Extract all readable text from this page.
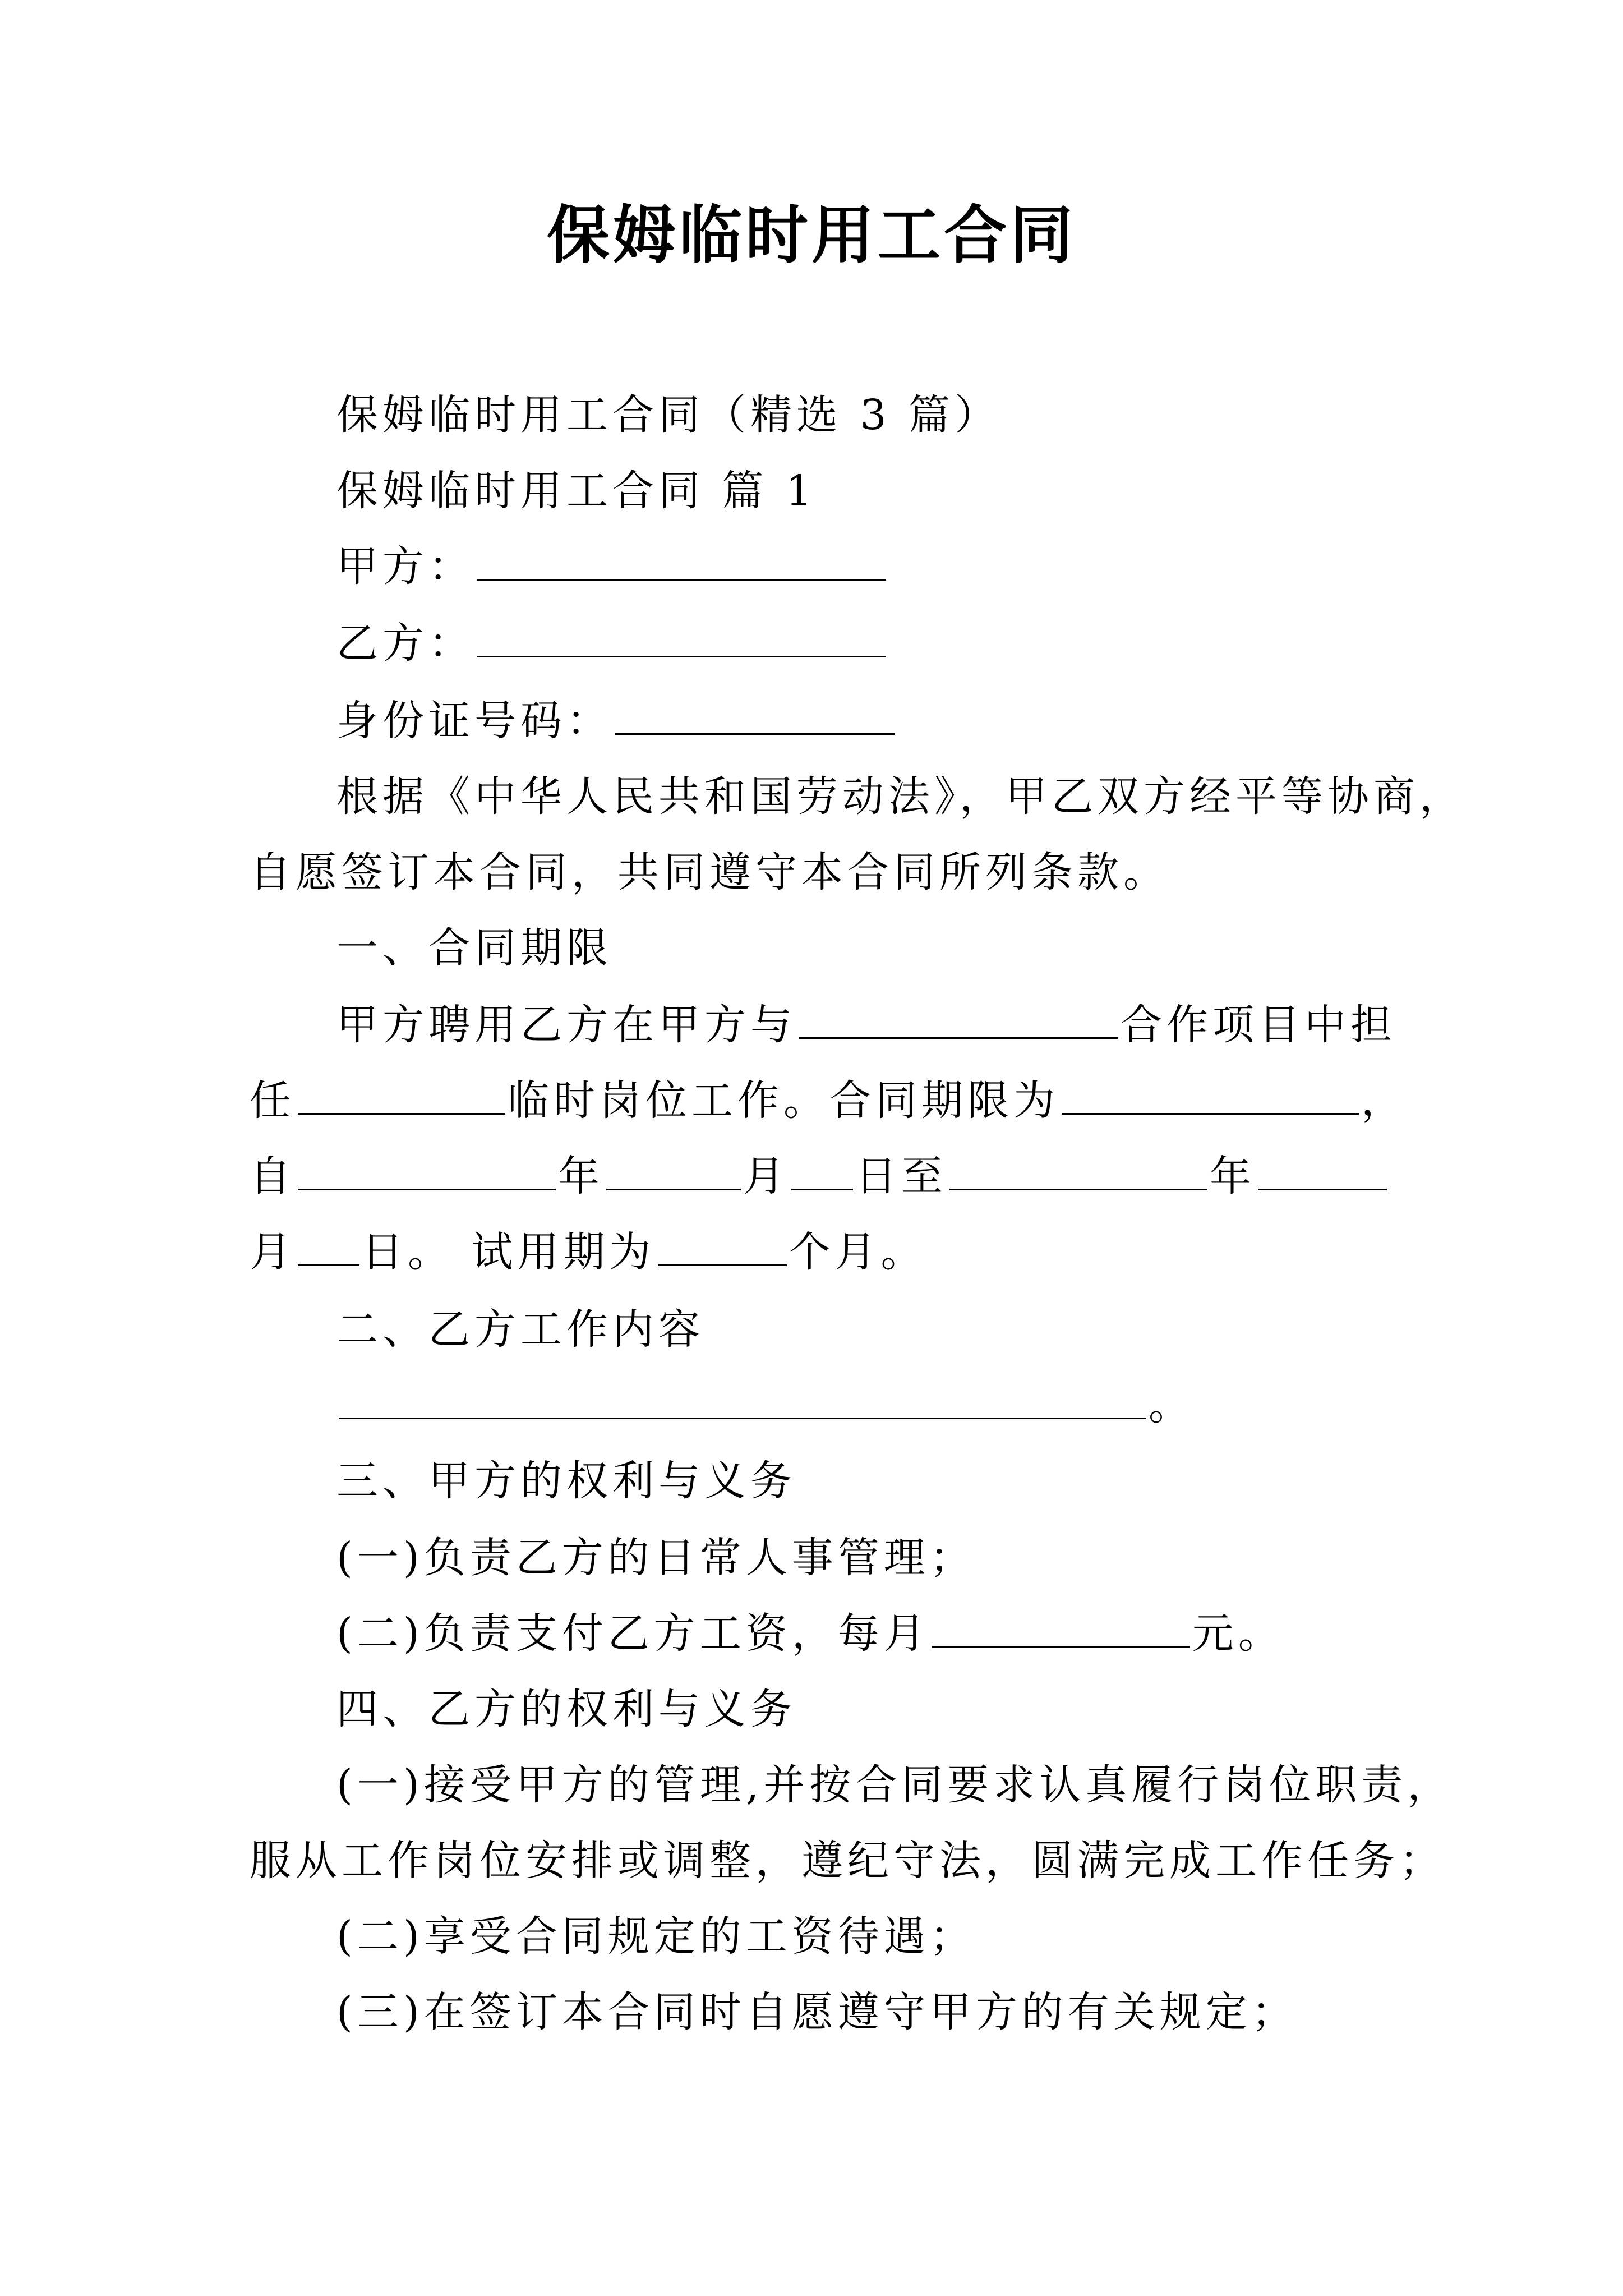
保姆临时用工合同
保姆临时用工合同（精选 3 篇）
保姆临时用工合同 篇 1
甲方：
乙方：
身份证号码：
根据《中华人民共和国劳动法》，甲乙双方经平等协商，
自愿签订本合同，共同遵守本合同所列条款。
一、合同期限
甲方聘用乙方在甲方与	合作项目中担
任	临时岗位工作。合同期限为	，
自	年	月 日至	年
月 日。 试用期为	个月。
二、乙方工作内容
。
三、甲方的权利与义务
(一)负责乙方的日常人事管理；
(二)负责支付乙方工资，每月	元。
四、乙方的权利与义务
(一)接受甲方的管理,并按合同要求认真履行岗位职责，
服从工作岗位安排或调整，遵纪守法，圆满完成工作任务；
(二)享受合同规定的工资待遇；
(三)在签订本合同时自愿遵守甲方的有关规定；
